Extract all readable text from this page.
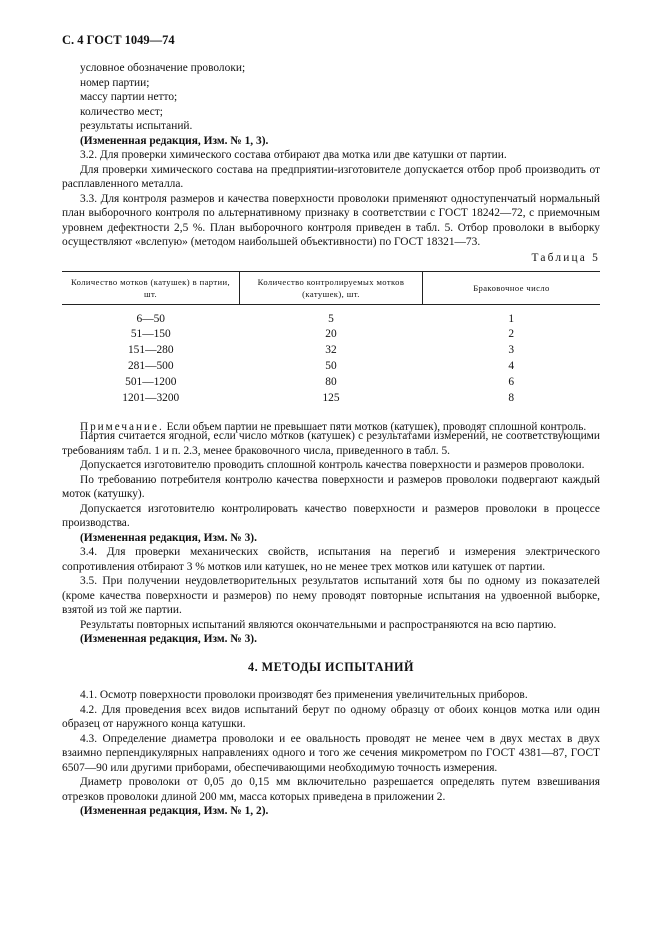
С. 4 ГОСТ 1049—74

условное обозначение проволоки;

номер партии;

массу партии нетто;

количество мест;

результаты испытаний.

(Измененная редакция, Изм. № 1, 3).

3.2. Для проверки химического состава отбирают два мотка или две катушки от партии.

Для проверки химического состава на предприятии-изготовителе допускается отбор проб производить от расплавленного металла.

3.3. Для контроля размеров и качества поверхности проволоки применяют одноступенчатый нормальный план выборочного контроля по альтернативному признаку в соответствии с ГОСТ 18242—72, с приемочным уровнем дефектности 2,5 %. План выборочного контроля приведен в табл. 5. Отбор проволоки в выборку осуществляют «вслепую» (методом наибольшей объективности) по ГОСТ 18321—73.

Таблица 5

Количество мотков (катушек) в партии, шт.	Количество контролируемых мотков (катушек), шт.	Браковочное число
6—50	5	1
51—150	20	2
151—280	32	3
281—500	50	4
501—1200	80	6
1201—3200	125	8

Примечание. Если объем партии не превышает пяти мотков (катушек), проводят сплошной контроль.

Партия считается ягодной, если число мотков (катушек) с результатами измерений, не соответствующими требованиям табл. 1 и п. 2.3, менее браковочного числа, приведенного в табл. 5.

Допускается изготовителю проводить сплошной контроль качества поверхности и размеров проволоки.

По требованию потребителя контролю качества поверхности и размеров проволоки подвергают каждый моток (катушку).

Допускается изготовителю контролировать качество поверхности и размеров проволоки в процессе производства.

(Измененная редакция, Изм. № 3).

3.4. Для проверки механических свойств, испытания на перегиб и измерения электрического сопротивления отбирают 3 % мотков или катушек, но не менее трех мотков или катушек от партии.

3.5. При получении неудовлетворительных результатов испытаний хотя бы по одному из показателей (кроме качества поверхности и размеров) по нему проводят повторные испытания на удвоенной выборке, взятой из той же партии.

Результаты повторных испытаний являются окончательными и распространяются на всю партию.

(Измененная редакция, Изм. № 3).

4. МЕТОДЫ ИСПЫТАНИЙ

4.1. Осмотр поверхности проволоки производят без применения увеличительных приборов.

4.2. Для проведения всех видов испытаний берут по одному образцу от обоих концов мотка или один образец от наружного конца катушки.

4.3. Определение диаметра проволоки и ее овальность проводят не менее чем в двух местах в двух взаимно перпендикулярных направлениях одного и того же сечения микрометром по ГОСТ 4381—87, ГОСТ 6507—90 или другими приборами, обеспечивающими необходимую точность измерения.

Диаметр проволоки от 0,05 до 0,15 мм включительно разрешается определять путем взвешивания отрезков проволоки длиной 200 мм, масса которых приведена в приложении 2.

(Измененная редакция, Изм. № 1, 2).
